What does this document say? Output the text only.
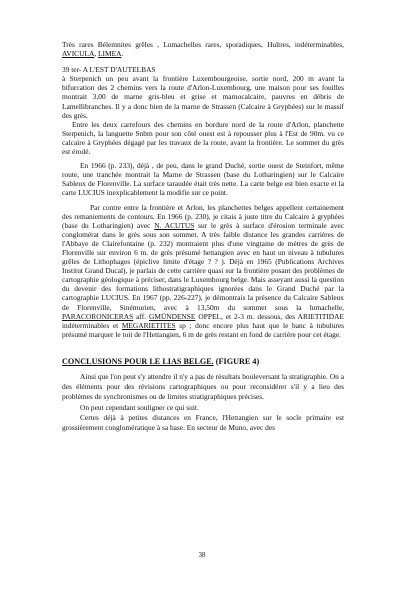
Très rares Bélemnites grêles , Lumachelles rares, sporadiques, Huîtres, indéterminables, AVICULA, LIMEA.

39 ter- A L'EST D'AUTELBAS

à Sterpenich un peu avant la frontière Luxembourgeoise, sortie nord, 200 m avant la bifurcation des 2 chemins vers la route d'Arlon-Luxembourg, une maison pour ses fouilles montrait 3,00 de marne gris-bleu et grise et marnocalcaire, pauvres en débris de Lamellibranches. Il y a donc bien de la marne de Strassen (Calcaire à Gryphées) sur le massif des grès.

Entre les deux carrefours des chemins en bordure nord de la route d'Arlon, planchette Sterpenich, la languette Snbm pour son côté ouest est à repousser plus à l'Est de 90m. vu ce calcaire à Gryphées dégagé par les travaux de la route, avant la frontière. Le sommet du grès est érodé.

En 1966 (p. 233), déjà , de peu, dans le grand Duché, sortie ouest de Steinfort, même route, une tranchée montrait la Marne de Strassen (base du Lotharingien) sur le Calcaire Sableux de Florenville. La surface taraudée était très nette. La carte belge est bien exacte et la carte LUCIUS inexplicablement la modifie sur ce point.

Par contre entre la frontière et Arlon, les planchettes belges appellent certainement des remaniements de contours. En 1966 (p. 230), je citais à juste titre du Calcaire à gryphées (base du Lotharingien) avec N. ACUTUS sur le grès à surface d'érosion terminale avec conglomérat dans le grès sous son sommet. A très faible distance les grandes carrières de l'Abbaye de Clairefontaine (p. 232) montraient plus d'une vingtaine de mètres de grès de Florenville sur environ 6 m. de grès présumé hettangien avec en haut un niveau à tubulures grêles de Lithophages (épiclive limite d'étage ? ? ). Déjà en 1965 (Publications Archives Institut Grand Ducal), je parlais de cette carrière quasi sur la frontière posant des problèmes de cartographie géologique à préciser, dans le Luxembourg belge. Mais asseyant aussi la question du devenir des formations lithostratigraphiques ignorées dans le Grand Duché par la cartographie LUCIUS. En 1967 (pp. 226-227), je démontrais la présence du Calcaire Sableux de Florenville, Sinémurien, avec à 13,50m du sommet sous la lumachelle, PARACORONICERAS aff. GMÜNDENSE OPPEL, et 2-3 m. dessous, des ARIETITIDAE indéterminables et MEGARIETITES sp ; donc encore plus haut que le banc à tubulures présumé marquer le toit de l'Hettangien, 6 m de grès restant en fond de carrière pour cet étage.

CONCLUSIONS POUR LE LIAS BELGE. (FIGURE 4)

Ainsi que l'on peut s'y attendre il n'y a pas de résultats bouleversant la stratigraphie. On a des éléments pour des révisions cartographiques ou pour reconsidérer s'il y a lieu des problèmes de synchronismes ou de limites stratigraphiques précises.

On peut cependant souligner ce qui suit.

Certes déjà à petites distances en France, l'Hettangien sur le socle primaire est grossièrement conglomératique à sa base. En secteur de Muno, avec des

38
